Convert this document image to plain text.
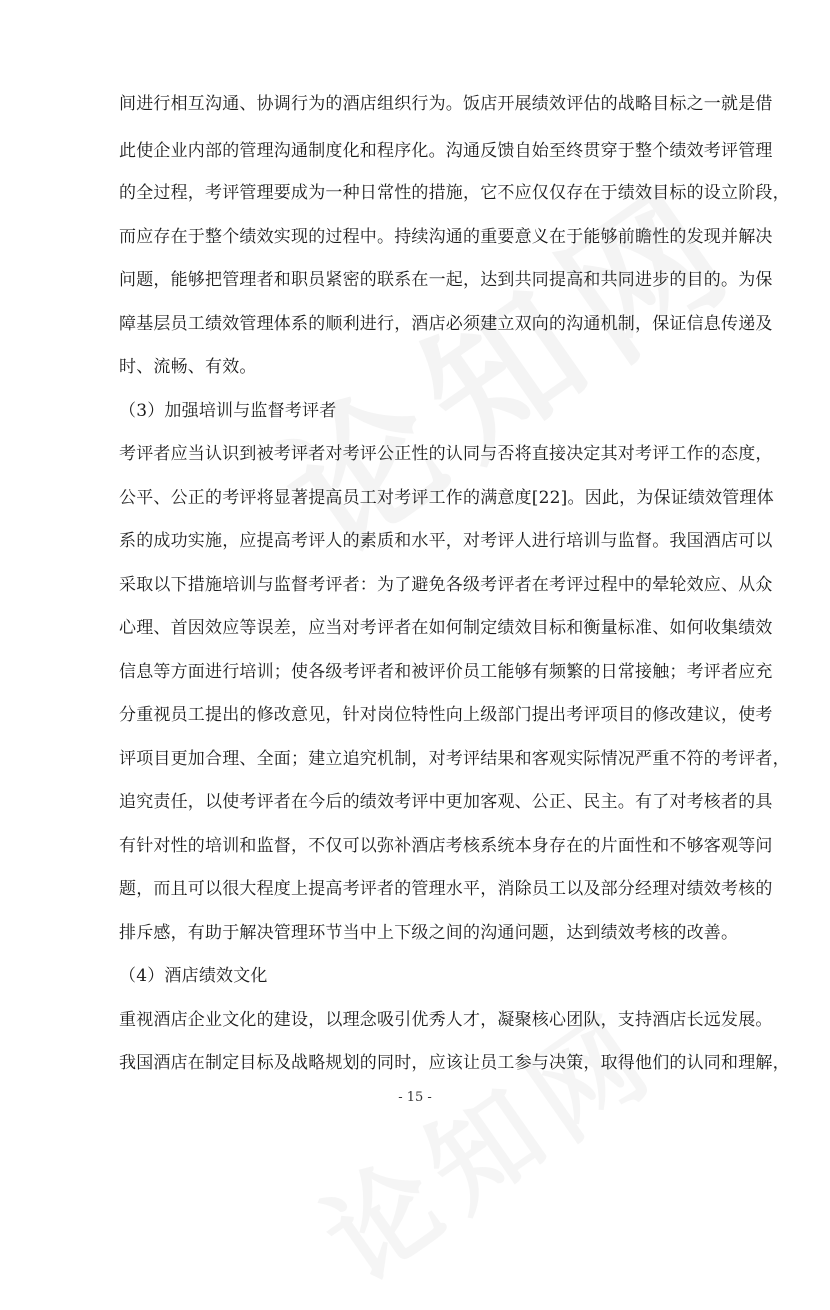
间进行相互沟通、协调行为的酒店组织行为。饭店开展绩效评估的战略目标之一就是借
此使企业内部的管理沟通制度化和程序化。沟通反馈自始至终贯穿于整个绩效考评管理
的全过程，考评管理要成为一种日常性的措施，它不应仅仅存在于绩效目标的设立阶段，
而应存在于整个绩效实现的过程中。持续沟通的重要意义在于能够前瞻性的发现并解决
问题，能够把管理者和职员紧密的联系在一起，达到共同提高和共同进步的目的。为保
障基层员工绩效管理体系的顺利进行，酒店必须建立双向的沟通机制，保证信息传递及
时、流畅、有效。
（3）加强培训与监督考评者
考评者应当认识到被考评者对考评公正性的认同与否将直接决定其对考评工作的态度，
公平、公正的考评将显著提高员工对考评工作的满意度[22]。因此，为保证绩效管理体
系的成功实施，应提高考评人的素质和水平，对考评人进行培训与监督。我国酒店可以
采取以下措施培训与监督考评者：为了避免各级考评者在考评过程中的晕轮效应、从众
心理、首因效应等误差，应当对考评者在如何制定绩效目标和衡量标准、如何收集绩效
信息等方面进行培训；使各级考评者和被评价员工能够有频繁的日常接触；考评者应充
分重视员工提出的修改意见，针对岗位特性向上级部门提出考评项目的修改建议，使考
评项目更加合理、全面；建立追究机制，对考评结果和客观实际情况严重不符的考评者，
追究责任，以使考评者在今后的绩效考评中更加客观、公正、民主。有了对考核者的具
有针对性的培训和监督，不仅可以弥补酒店考核系统本身存在的片面性和不够客观等问
题，而且可以很大程度上提高考评者的管理水平，消除员工以及部分经理对绩效考核的
排斥感，有助于解决管理环节当中上下级之间的沟通问题，达到绩效考核的改善。
（4）酒店绩效文化
重视酒店企业文化的建设，以理念吸引优秀人才，凝聚核心团队，支持酒店长远发展。
我国酒店在制定目标及战略规划的同时，应该让员工参与决策，取得他们的认同和理解，
- 15 -
